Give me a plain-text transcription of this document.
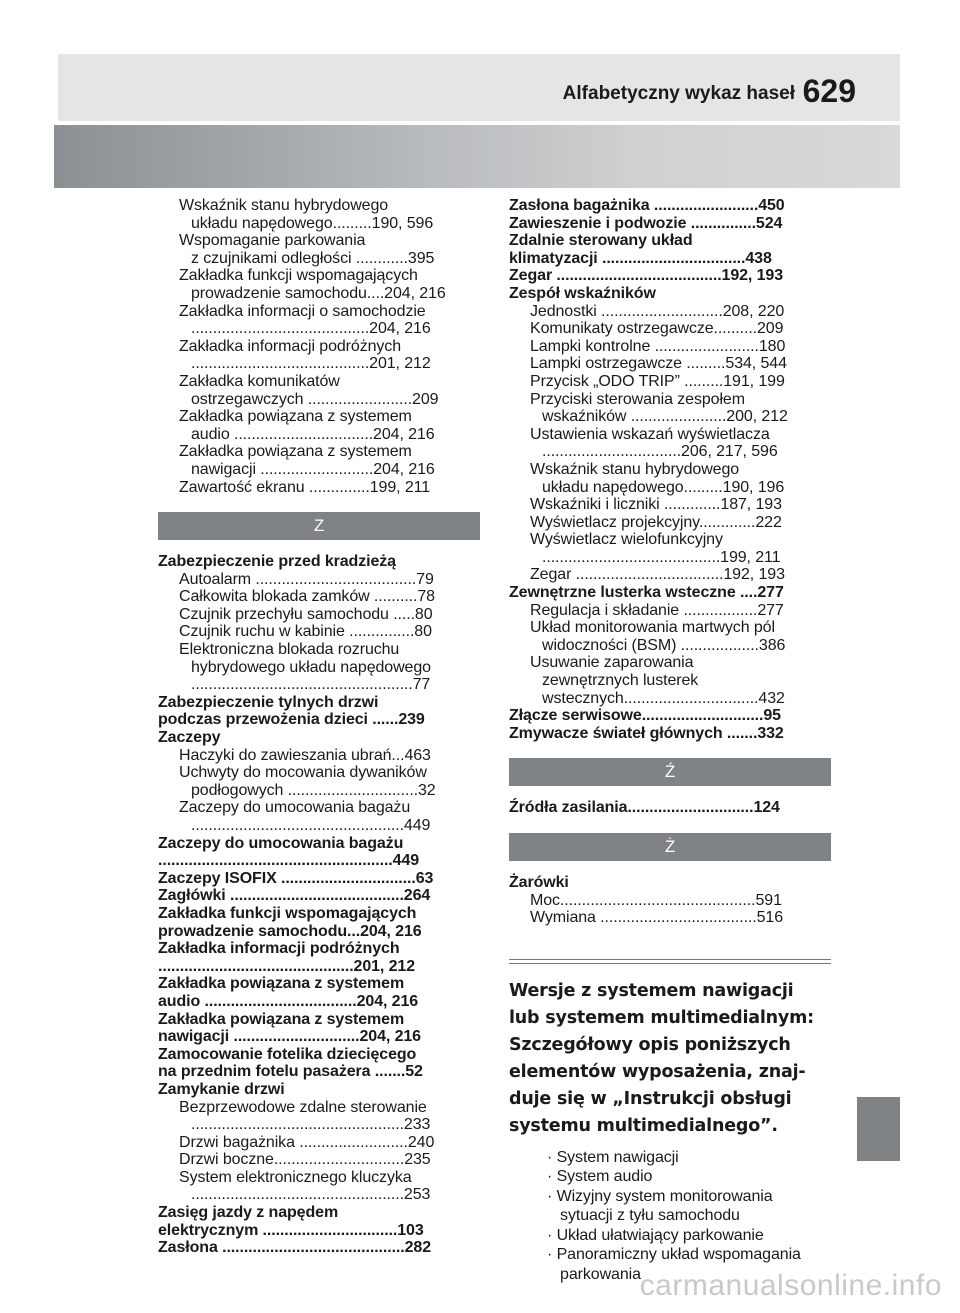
Alfabetyczny wykaz haseł 629
Wskaźnik stanu hybrydowego
układu napędowego.........190, 596
Wspomaganie parkowania
z czujnikami odległości ............395
Zakładka funkcji wspomagających
prowadzenie samochodu....204, 216
Zakładka informacji o samochodzie
.........................................204, 216
Zakładka informacji podróżnych
.........................................201, 212
Zakładka komunikatów
ostrzegawczych ........................209
Zakładka powiązana z systemem
audio ................................204, 216
Zakładka powiązana z systemem
nawigacji ..........................204, 216
Zawartość ekranu ..............199, 211
Z
Zabezpieczenie przed kradzieżą
Autoalarm .....................................79
Całkowita blokada zamków ..........78
Czujnik przechyłu samochodu .....80
Czujnik ruchu w kabinie ...............80
Elektroniczna blokada rozruchu
hybrydowego układu napędowego
...................................................77
Zabezpieczenie tylnych drzwi
podczas przewożenia dzieci ......239
Zaczepy
Haczyki do zawieszania ubrań...463
Uchwyty do mocowania dywaników
podłogowych ..............................32
Zaczepy do umocowania bagażu
.................................................449
Zaczepy do umocowania bagażu
......................................................449
Zaczepy ISOFIX ...............................63
Zagłówki ........................................264
Zakładka funkcji wspomagających
prowadzenie samochodu...204, 216
Zakładka informacji podróżnych
.............................................201, 212
Zakładka powiązana z systemem
audio ...................................204, 216
Zakładka powiązana z systemem
nawigacji .............................204, 216
Zamocowanie fotelika dziecięcego
na przednim fotelu pasażera .......52
Zamykanie drzwi
Bezprzewodowe zdalne sterowanie
.................................................233
Drzwi bagażnika .........................240
Drzwi boczne..............................235
System elektronicznego kluczyka
.................................................253
Zasięg jazdy z napędem
elektrycznym ...............................103
Zasłona ..........................................282
Zasłona bagażnika ........................450
Zawieszenie i podwozie ...............524
Zdalnie sterowany układ
klimatyzacji .................................438
Zegar ......................................192, 193
Zespół wskaźników
Jednostki ............................208, 220
Komunikaty ostrzegawcze..........209
Lampki kontrolne ........................180
Lampki ostrzegawcze .........534, 544
Przycisk „ODO TRIP” .........191, 199
Przyciski sterowania zespołem
wskaźników ......................200, 212
Ustawienia wskazań wyświetlacza
................................206, 217, 596
Wskaźnik stanu hybrydowego
układu napędowego.........190, 196
Wskaźniki i liczniki .............187, 193
Wyświetlacz projekcyjny.............222
Wyświetlacz wielofunkcyjny
.........................................199, 211
Zegar ..................................192, 193
Zewnętrzne lusterka wsteczne ....277
Regulacja i składanie .................277
Układ monitorowania martwych pól
widoczności (BSM) ..................386
Usuwanie zaparowania
zewnętrznych lusterek
wstecznych...............................432
Złącze serwisowe............................95
Zmywacze świateł głównych .......332
Ź
Źródła zasilania.............................124
Ż
Żarówki
Moc.............................................591
Wymiana ....................................516
Wersje z systemem nawigacji
lub systemem multimedialnym:
Szczegółowy opis poniższych
elementów wyposażenia, znaj-
duje się w „Instrukcji obsługi
systemu multimedialnego”.
· System nawigacji
· System audio
· Wizyjny system monitorowania
sytuacji z tyłu samochodu
· Układ ułatwiający parkowanie
· Panoramiczny układ wspomagania
parkowania
carmanualsonline.info
